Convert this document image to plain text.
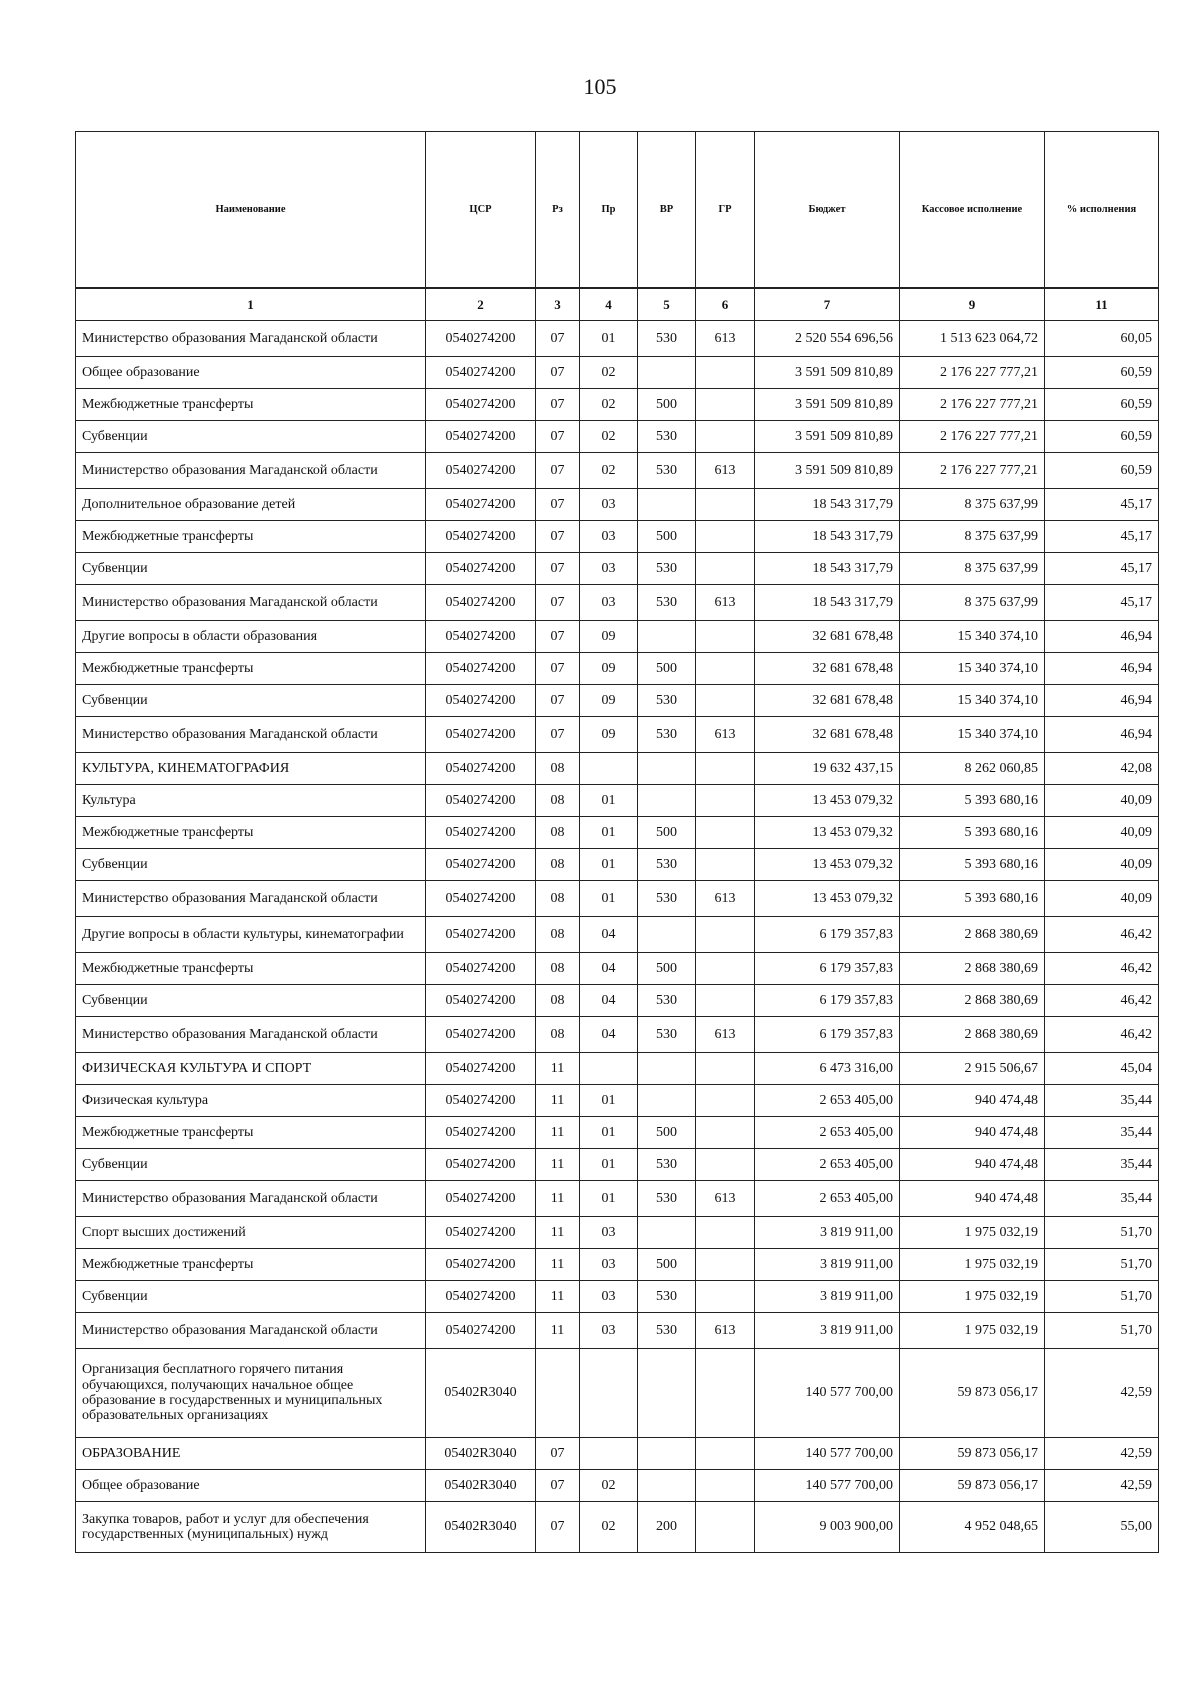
105
Наименование	ЦСР	Рз	Пр	ВР	ГР	Бюджет	Кассовое исполнение	% исполнения
1	2	3	4	5	6	7	9	11
Министерство образования Магаданской области	0540274200	07	01	530	613	2 520 554 696,56	1 513 623 064,72	60,05
Общее образование	0540274200	07	02			3 591 509 810,89	2 176 227 777,21	60,59
Межбюджетные трансферты	0540274200	07	02	500		3 591 509 810,89	2 176 227 777,21	60,59
Субвенции	0540274200	07	02	530		3 591 509 810,89	2 176 227 777,21	60,59
Министерство образования Магаданской области	0540274200	07	02	530	613	3 591 509 810,89	2 176 227 777,21	60,59
Дополнительное образование детей	0540274200	07	03			18 543 317,79	8 375 637,99	45,17
Межбюджетные трансферты	0540274200	07	03	500		18 543 317,79	8 375 637,99	45,17
Субвенции	0540274200	07	03	530		18 543 317,79	8 375 637,99	45,17
Министерство образования Магаданской области	0540274200	07	03	530	613	18 543 317,79	8 375 637,99	45,17
Другие вопросы в области образования	0540274200	07	09			32 681 678,48	15 340 374,10	46,94
Межбюджетные трансферты	0540274200	07	09	500		32 681 678,48	15 340 374,10	46,94
Субвенции	0540274200	07	09	530		32 681 678,48	15 340 374,10	46,94
Министерство образования Магаданской области	0540274200	07	09	530	613	32 681 678,48	15 340 374,10	46,94
КУЛЬТУРА, КИНЕМАТОГРАФИЯ	0540274200	08				19 632 437,15	8 262 060,85	42,08
Культура	0540274200	08	01			13 453 079,32	5 393 680,16	40,09
Межбюджетные трансферты	0540274200	08	01	500		13 453 079,32	5 393 680,16	40,09
Субвенции	0540274200	08	01	530		13 453 079,32	5 393 680,16	40,09
Министерство образования Магаданской области	0540274200	08	01	530	613	13 453 079,32	5 393 680,16	40,09
Другие вопросы в области культуры, кинематографии	0540274200	08	04			6 179 357,83	2 868 380,69	46,42
Межбюджетные трансферты	0540274200	08	04	500		6 179 357,83	2 868 380,69	46,42
Субвенции	0540274200	08	04	530		6 179 357,83	2 868 380,69	46,42
Министерство образования Магаданской области	0540274200	08	04	530	613	6 179 357,83	2 868 380,69	46,42
ФИЗИЧЕСКАЯ КУЛЬТУРА И СПОРТ	0540274200	11				6 473 316,00	2 915 506,67	45,04
Физическая культура	0540274200	11	01			2 653 405,00	940 474,48	35,44
Межбюджетные трансферты	0540274200	11	01	500		2 653 405,00	940 474,48	35,44
Субвенции	0540274200	11	01	530		2 653 405,00	940 474,48	35,44
Министерство образования Магаданской области	0540274200	11	01	530	613	2 653 405,00	940 474,48	35,44
Спорт высших достижений	0540274200	11	03			3 819 911,00	1 975 032,19	51,70
Межбюджетные трансферты	0540274200	11	03	500		3 819 911,00	1 975 032,19	51,70
Субвенции	0540274200	11	03	530		3 819 911,00	1 975 032,19	51,70
Министерство образования Магаданской области	0540274200	11	03	530	613	3 819 911,00	1 975 032,19	51,70
Организация бесплатного горячего питания обучающихся, получающих начальное общее образование в государственных и муниципальных образовательных организациях	05402R3040					140 577 700,00	59 873 056,17	42,59
ОБРАЗОВАНИЕ	05402R3040	07				140 577 700,00	59 873 056,17	42,59
Общее образование	05402R3040	07	02			140 577 700,00	59 873 056,17	42,59
Закупка товаров, работ и услуг для обеспечения государственных (муниципальных) нужд	05402R3040	07	02	200		9 003 900,00	4 952 048,65	55,00
